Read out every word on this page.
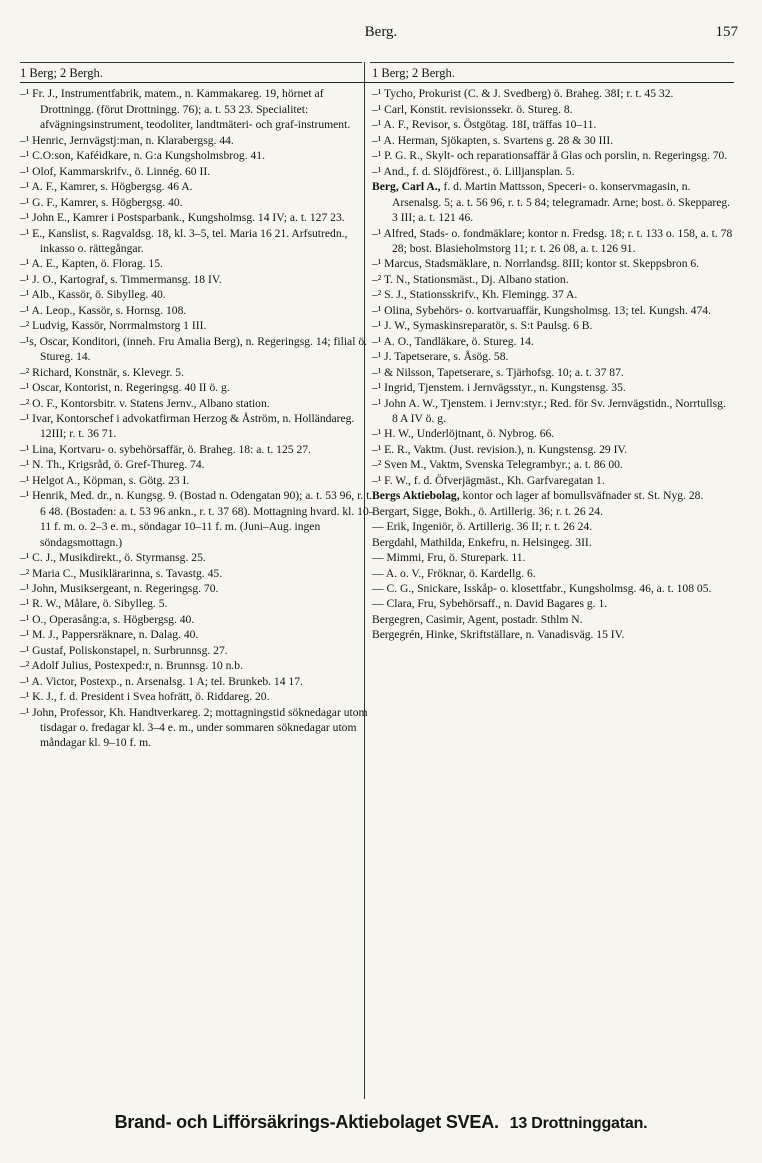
Berg.	157
1 Berg; 2 Bergh.

–¹ Fr. J., Instrumentfabrik, matem., n. Kammakareg. 19, hörnet af Drottningg. (förut Drottningg. 76); a. t. 53 23. Specialitet: afvägningsinstrument, teodoliter, landtmäteri- och graf-instrument.

–¹ Henric, Jernvägstj:man, n. Klarabergsg. 44.

–¹ C.O:son, Kaféidkare, n. G:a Kungsholmsbrog. 41.

–¹ Olof, Kammarskrifv., ö. Linnég. 60 II.

–¹ A. F., Kamrer, s. Högbergsg. 46 A.

–¹ G. F., Kamrer, s. Högbergsg. 40.

–¹ John E., Kamrer i Postsparbank., Kungsholmsg. 14 IV; a. t. 127 23.

–¹ E., Kanslist, s. Ragvaldsg. 18, kl. 3–5, tel. Maria 16 21. Arfsutredn., inkasso o. rättegångar.

–¹ A. E., Kapten, ö. Florag. 15.

–¹ J. O., Kartograf, s. Timmermansg. 18 IV.

–¹ Alb., Kassör, ö. Sibylleg. 40.

–¹ A. Leop., Kassör, s. Hornsg. 108.

–² Ludvig, Kassör, Norrmalmstorg 1 III.

–¹s, Oscar, Konditori, (inneh. Fru Amalia Berg), n. Regeringsg. 14; filial ö. Stureg. 14.

–² Richard, Konstnär, s. Klevegr. 5.

–¹ Oscar, Kontorist, n. Regeringsg. 40 II ö. g.

–² O. F., Kontorsbitr. v. Statens Jernv., Albano station.

–¹ Ivar, Kontorschef i advokatfirman Herzog & Åström, n. Holländareg. 12III; r. t. 36 71.

–¹ Lina, Kortvaru- o. sybehörsaffär, ö. Braheg. 18: a. t. 125 27.

–¹ N. Th., Krigsråd, ö. Gref-Thureg. 74.

–¹ Helgot A., Köpman, s. Götg. 23 I.

–¹ Henrik, Med. dr., n. Kungsg. 9. (Bostad n. Odengatan 90); a. t. 53 96, r. t. 6 48. (Bostaden: a. t. 53 96 ankn., r. t. 37 68). Mottagning hvard. kl. 10–11 f. m. o. 2–3 e. m., söndagar 10–11 f. m. (Juni–Aug. ingen söndagsmottagn.)

–¹ C. J., Musikdirekt., ö. Styrmansg. 25.

–² Maria C., Musiklärarinna, s. Tavastg. 45.

–¹ John, Musiksergeant, n. Regeringsg. 70.

–¹ R. W., Målare, ö. Sibylleg. 5.

–¹ O., Operasång:a, s. Högbergsg. 40.

–¹ M. J., Pappersräknare, n. Dalag. 40.

–¹ Gustaf, Poliskonstapel, n. Surbrunnsg. 27.

–² Adolf Julius, Postexped:r, n. Brunnsg. 10 n.b.

–¹ A. Victor, Postexp., n. Arsenalsg. 1 A; tel. Brunkeb. 14 17.

–¹ K. J., f. d. President i Svea hofrätt, ö. Riddareg. 20.

–¹ John, Professor, Kh. Handtverkareg. 2; mottagningstid söknedagar utom tisdagar o. fredagar kl. 3–4 e. m., under sommaren söknedagar utom måndagar kl. 9–10 f. m.

1 Berg; 2 Bergh.

–¹ Tycho, Prokurist (C. & J. Svedberg) ö. Braheg. 38I; r. t. 45 32.

–¹ Carl, Konstit. revisionssekr. ö. Stureg. 8.

–¹ A. F., Revisor, s. Östgötag. 18I, träffas 10–11.

–¹ A. Herman, Sjökapten, s. Svartens g. 28 & 30 III.

–¹ P. G. R., Skylt- och reparationsaffär å Glas och porslin, n. Regeringsg. 70.

–¹ And., f. d. Slöjdförest., ö. Lilljansplan. 5.

Berg, Carl A., f. d. Martin Mattsson, Speceri- o. konservmagasin, n. Arsenalsg. 5; a. t. 56 96, r. t. 5 84; telegramadr. Arne; bost. ö. Skeppareg. 3 III; a. t. 121 46.

–¹ Alfred, Stads- o. fondmäklare; kontor n. Fredsg. 18; r. t. 133 o. 158, a. t. 78 28; bost. Blasieholmstorg 11; r. t. 26 08, a. t. 126 91.

–¹ Marcus, Stadsmäklare, n. Norrlandsg. 8III; kontor st. Skeppsbron 6.

–² T. N., Stationsmäst., Dj. Albano station.

–² S. J., Stationsskrifv., Kh. Flemingg. 37 A.

–¹ Olina, Sybehörs- o. kortvaruaffär, Kungsholmsg. 13; tel. Kungsh. 474.

–¹ J. W., Symaskinsreparatör, s. S:t Paulsg. 6 B.

–¹ A. O., Tandläkare, ö. Stureg. 14.

–¹ J. Tapetserare, s. Åsög. 58.

–¹ & Nilsson, Tapetserare, s. Tjärhofsg. 10; a. t. 37 87.

–¹ Ingrid, Tjenstem. i Jernvägsstyr., n. Kungstensg. 35.

–¹ John A. W., Tjenstem. i Jernv:styr.; Red. för Sv. Jernvägstidn., Norrtullsg. 8 A IV ö. g.

–¹ H. W., Underlöjtnant, ö. Nybrog. 66.

–¹ E. R., Vaktm. (Just. revision.), n. Kungstensg. 29 IV.

–² Sven M., Vaktm, Svenska Telegrambyr.; a. t. 86 00.

–¹ F. W., f. d. Öfverjägmäst., Kh. Garfvaregatan 1.

Bergs Aktiebolag, kontor och lager af bomullsväfnader st. St. Nyg. 28.

Bergart, Sigge, Bokh., ö. Artillerig. 36; r. t. 26 24.

— Erik, Ingeniör, ö. Artillerig. 36 II; r. t. 26 24.

Bergdahl, Mathilda, Enkefru, n. Helsingeg. 3II.

— Mimmi, Fru, ö. Sturepark. 11.

— A. o. V., Fröknar, ö. Kardellg. 6.

— C. G., Snickare, Isskåp- o. klosettfabr., Kungsholmsg. 46, a. t. 108 05.

— Clara, Fru, Sybehörsaff., n. David Bagares g. 1.

Bergegren, Casimir, Agent, postadr. Sthlm N.

Bergegrén, Hinke, Skriftställare, n. Vanadisväg. 15 IV.

Brand- och Lifförsäkrings-Aktiebolaget SVEA. 13 Drottninggatan.
